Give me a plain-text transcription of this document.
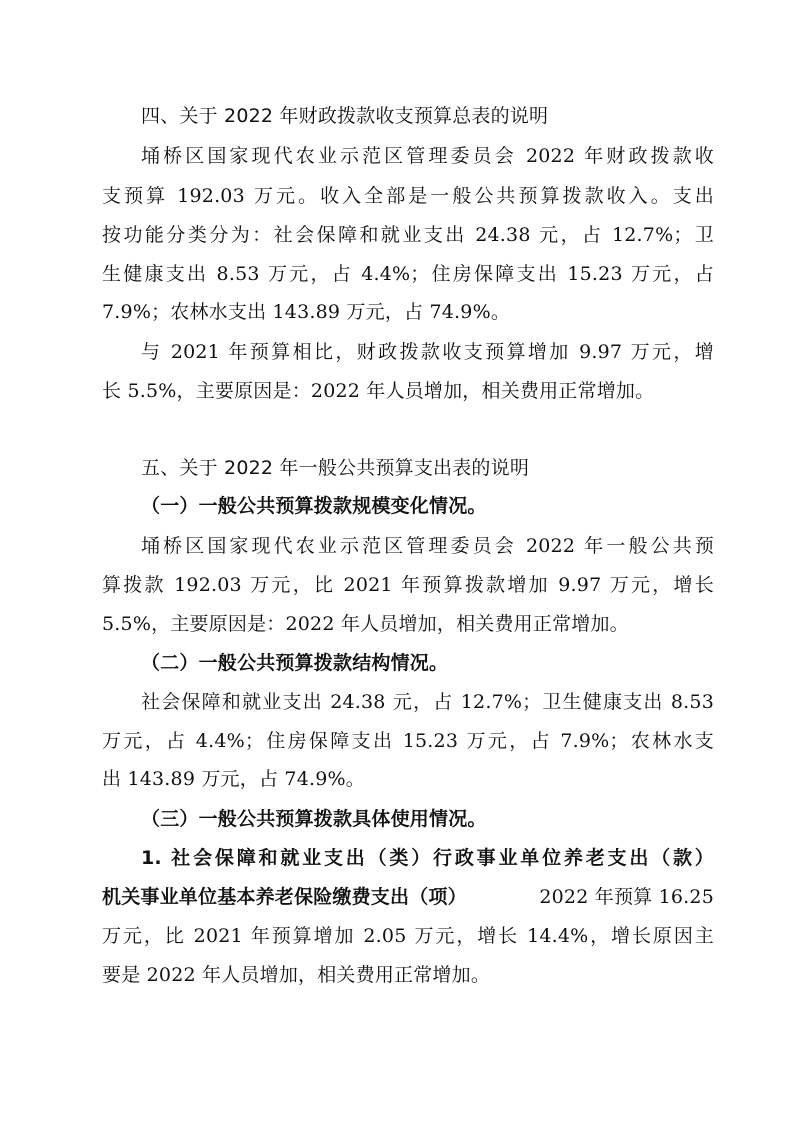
四、关于 2022 年财政拨款收支预算总表的说明
埇桥区国家现代农业示范区管理委员会 2022 年财政拨款收
支预算 192.03 万元。收入全部是一般公共预算拨款收入。支出
按功能分类分为：社会保障和就业支出 24.38 元，占 12.7%；卫
生健康支出 8.53 万元，占 4.4%；住房保障支出 15.23 万元，占
7.9%；农林水支出 143.89 万元，占 74.9%。
与 2021 年预算相比，财政拨款收支预算增加 9.97 万元，增
长 5.5%，主要原因是：2022 年人员增加，相关费用正常增加。
五、关于 2022 年一般公共预算支出表的说明
（一）一般公共预算拨款规模变化情况。
埇桥区国家现代农业示范区管理委员会 2022 年一般公共预
算拨款 192.03 万元，比 2021 年预算拨款增加 9.97 万元，增长
5.5%，主要原因是：2022 年人员增加，相关费用正常增加。
（二）一般公共预算拨款结构情况。
社会保障和就业支出 24.38 元，占 12.7%；卫生健康支出 8.53
万元，占 4.4%；住房保障支出 15.23 万元，占 7.9%；农林水支
出 143.89 万元，占 74.9%。
（三）一般公共预算拨款具体使用情况。
1. 社会保障和就业支出（类）行政事业单位养老支出（款）
机关事业单位基本养老保险缴费支出（项）	2022 年预算 16.25
万元，比 2021 年预算增加 2.05 万元，增长 14.4%，增长原因主
要是 2022 年人员增加，相关费用正常增加。
